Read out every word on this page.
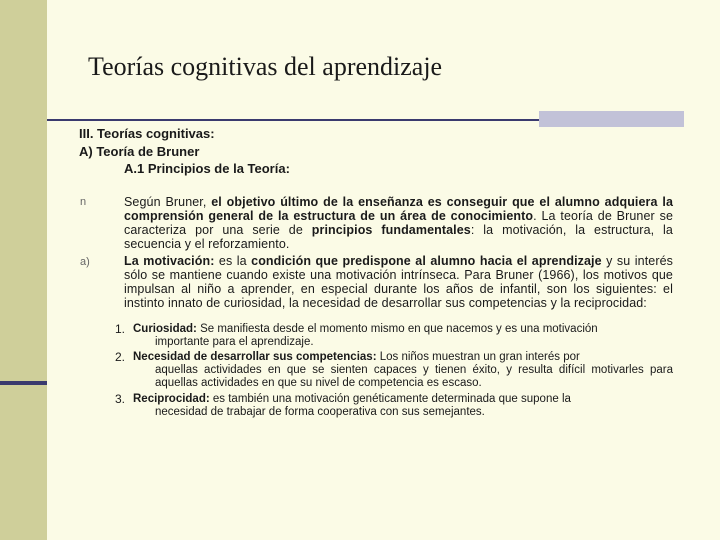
Teorías cognitivas del aprendizaje

III. Teorías cognitivas:

A) Teoría de Bruner

A.1 Principios de la Teoría:

n	Según Bruner, el objetivo último de la enseñanza es conseguir que el alumno adquiera la comprensión general de la estructura de un área de conocimiento. La teoría de Bruner se caracteriza por una serie de principios fundamentales: la motivación, la estructura, la secuencia y el reforzamiento.

a)	La motivación: es la condición que predispone al alumno hacia el aprendizaje y su interés sólo se mantiene cuando existe una motivación intrínseca. Para Bruner (1966), los motivos que impulsan al niño a aprender, en especial durante los años de infantil, son los siguientes: el instinto innato de curiosidad, la necesidad de desarrollar sus competencias y la reciprocidad:

1. Curiosidad: Se manifiesta desde el momento mismo en que nacemos y es una motivación
importante para el aprendizaje.

2. Necesidad de desarrollar sus competencias: Los niños muestran un gran interés por
aquellas actividades en que se sienten capaces y tienen éxito, y resulta difícil motivarles para aquellas actividades en que su nivel de competencia es escaso.

3. Reciprocidad: es también una motivación genéticamente determinada que supone la
necesidad de trabajar de forma cooperativa con sus semejantes.
